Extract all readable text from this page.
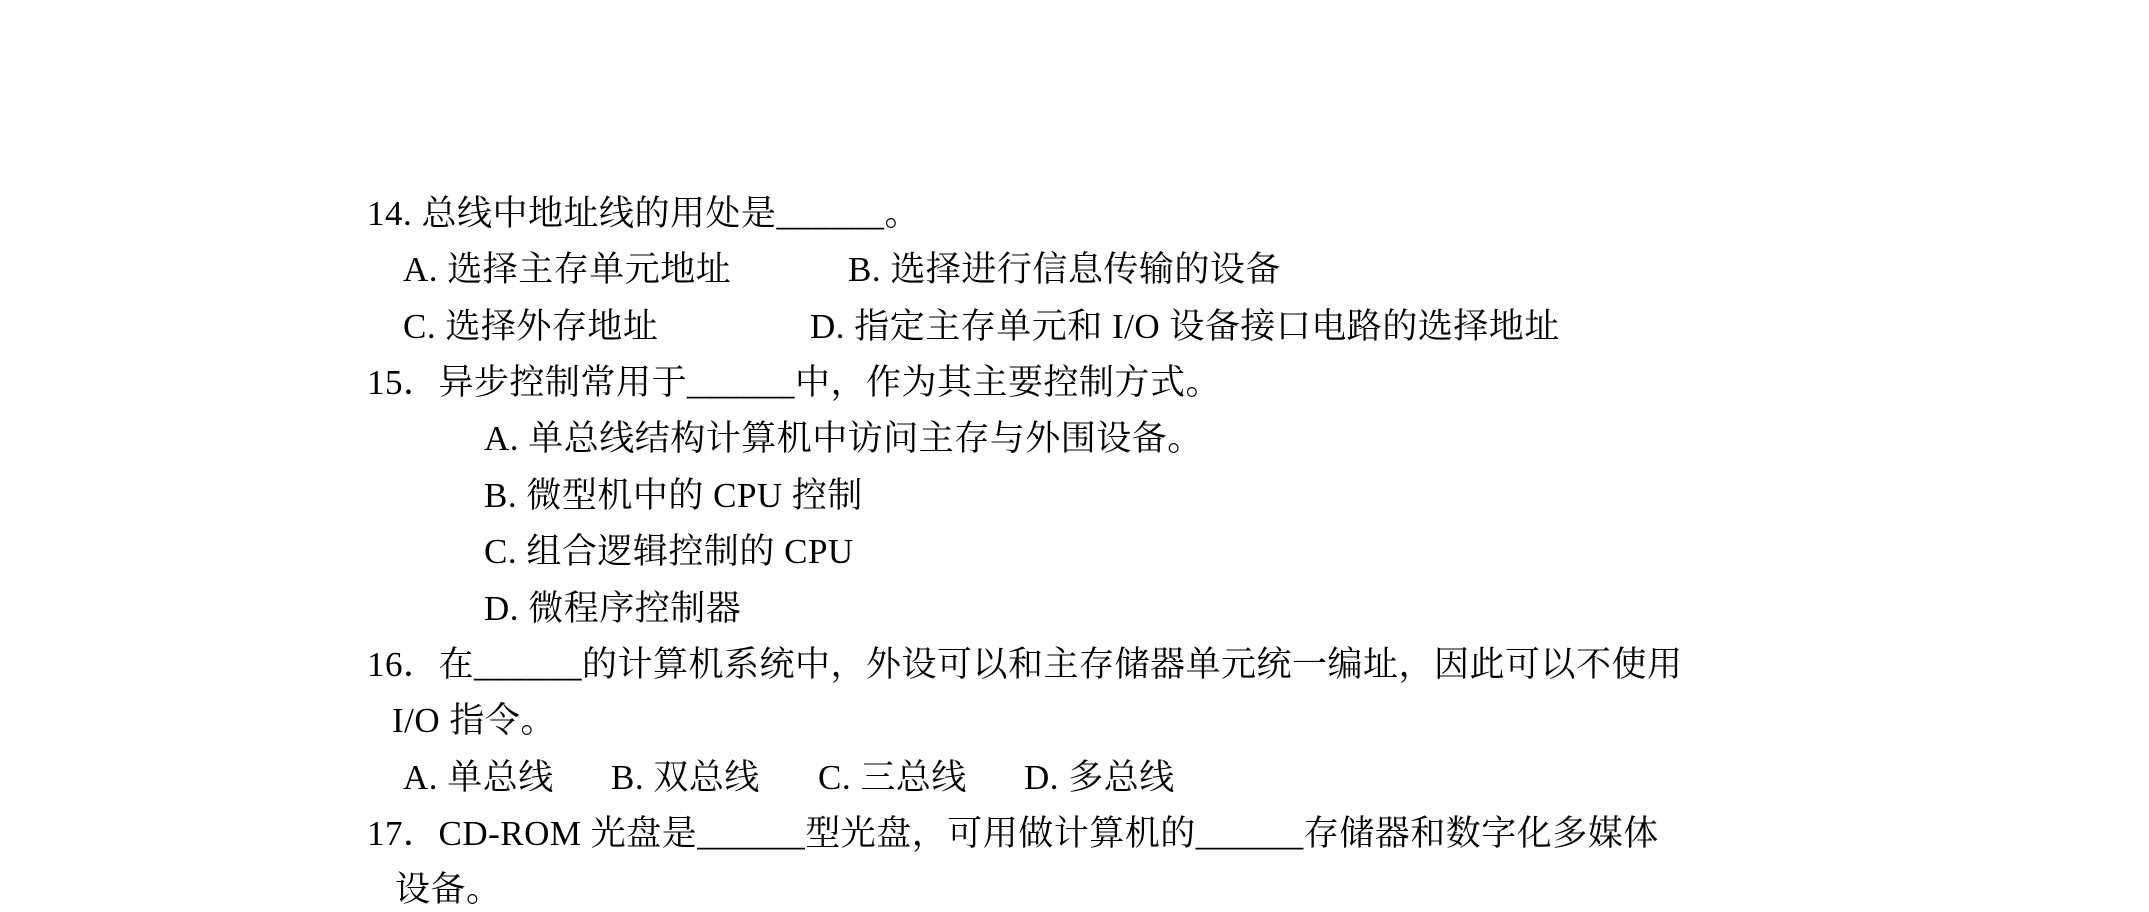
14. 总线中地址线的用处是______。
A. 选择主存单元地址	B. 选择进行信息传输的设备
C. 选择外存地址	D. 指定主存单元和 I/O 设备接口电路的选择地址
15．异步控制常用于______中，作为其主要控制方式。
A. 单总线结构计算机中访问主存与外围设备。
B. 微型机中的 CPU 控制
C. 组合逻辑控制的 CPU
D. 微程序控制器
16．在______的计算机系统中，外设可以和主存储器单元统一编址，因此可以不使用
I/O 指令。
A. 单总线 B. 双总线 C. 三总线 D. 多总线
17．CD-ROM 光盘是______型光盘，可用做计算机的______存储器和数字化多媒体
设备。
